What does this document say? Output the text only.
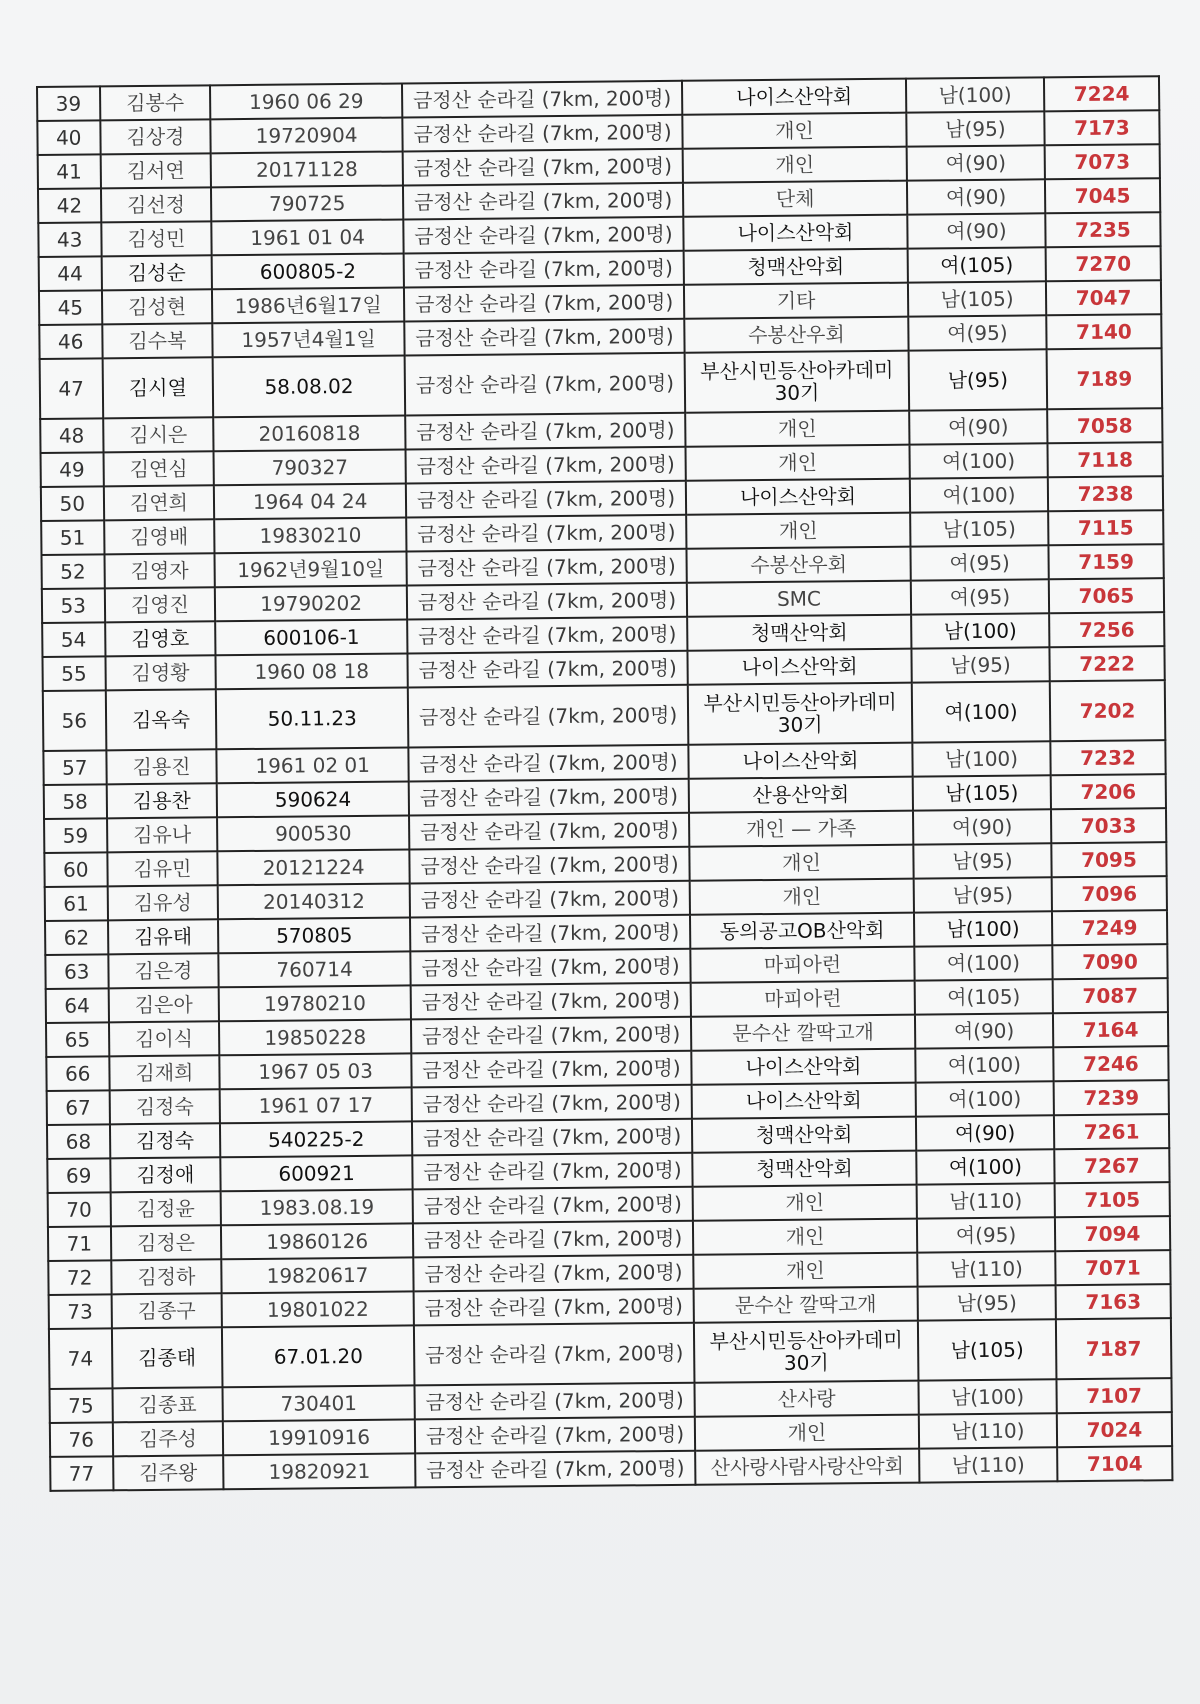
39	김봉수	1960 06 29	금정산 순라길 (7km, 200명)	나이스산악회	남(100)	7224
40	김상경	19720904	금정산 순라길 (7km, 200명)	개인	남(95)	7173
41	김서연	20171128	금정산 순라길 (7km, 200명)	개인	여(90)	7073
42	김선정	790725	금정산 순라길 (7km, 200명)	단체	여(90)	7045
43	김성민	1961 01 04	금정산 순라길 (7km, 200명)	나이스산악회	여(90)	7235
44	김성순	600805-2	금정산 순라길 (7km, 200명)	청맥산악회	여(105)	7270
45	김성현	1986년6월17일	금정산 순라길 (7km, 200명)	기타	남(105)	7047
46	김수복	1957년4월1일	금정산 순라길 (7km, 200명)	수봉산우회	여(95)	7140
47	김시열	58.08.02	금정산 순라길 (7km, 200명)	부산시민등산아카데미 30기	남(95)	7189
48	김시은	20160818	금정산 순라길 (7km, 200명)	개인	여(90)	7058
49	김연심	790327	금정산 순라길 (7km, 200명)	개인	여(100)	7118
50	김연희	1964 04 24	금정산 순라길 (7km, 200명)	나이스산악회	여(100)	7238
51	김영배	19830210	금정산 순라길 (7km, 200명)	개인	남(105)	7115
52	김영자	1962년9월10일	금정산 순라길 (7km, 200명)	수봉산우회	여(95)	7159
53	김영진	19790202	금정산 순라길 (7km, 200명)	SMC	여(95)	7065
54	김영호	600106-1	금정산 순라길 (7km, 200명)	청맥산악회	남(100)	7256
55	김영황	1960 08 18	금정산 순라길 (7km, 200명)	나이스산악회	남(95)	7222
56	김옥숙	50.11.23	금정산 순라길 (7km, 200명)	부산시민등산아카데미 30기	여(100)	7202
57	김용진	1961 02 01	금정산 순라길 (7km, 200명)	나이스산악회	남(100)	7232
58	김용찬	590624	금정산 순라길 (7km, 200명)	산용산악회	남(105)	7206
59	김유나	900530	금정산 순라길 (7km, 200명)	개인 — 가족	여(90)	7033
60	김유민	20121224	금정산 순라길 (7km, 200명)	개인	남(95)	7095
61	김유성	20140312	금정산 순라길 (7km, 200명)	개인	남(95)	7096
62	김유태	570805	금정산 순라길 (7km, 200명)	동의공고OB산악회	남(100)	7249
63	김은경	760714	금정산 순라길 (7km, 200명)	마피아런	여(100)	7090
64	김은아	19780210	금정산 순라길 (7km, 200명)	마피아런	여(105)	7087
65	김이식	19850228	금정산 순라길 (7km, 200명)	문수산 깔딱고개	여(90)	7164
66	김재희	1967 05 03	금정산 순라길 (7km, 200명)	나이스산악회	여(100)	7246
67	김정숙	1961 07 17	금정산 순라길 (7km, 200명)	나이스산악회	여(100)	7239
68	김정숙	540225-2	금정산 순라길 (7km, 200명)	청맥산악회	여(90)	7261
69	김정애	600921	금정산 순라길 (7km, 200명)	청맥산악회	여(100)	7267
70	김정윤	1983.08.19	금정산 순라길 (7km, 200명)	개인	남(110)	7105
71	김정은	19860126	금정산 순라길 (7km, 200명)	개인	여(95)	7094
72	김정하	19820617	금정산 순라길 (7km, 200명)	개인	남(110)	7071
73	김종구	19801022	금정산 순라길 (7km, 200명)	문수산 깔딱고개	남(95)	7163
74	김종태	67.01.20	금정산 순라길 (7km, 200명)	부산시민등산아카데미 30기	남(105)	7187
75	김종표	730401	금정산 순라길 (7km, 200명)	산사랑	남(100)	7107
76	김주성	19910916	금정산 순라길 (7km, 200명)	개인	남(110)	7024
77	김주왕	19820921	금정산 순라길 (7km, 200명)	산사랑사람사랑산악회	남(110)	7104
